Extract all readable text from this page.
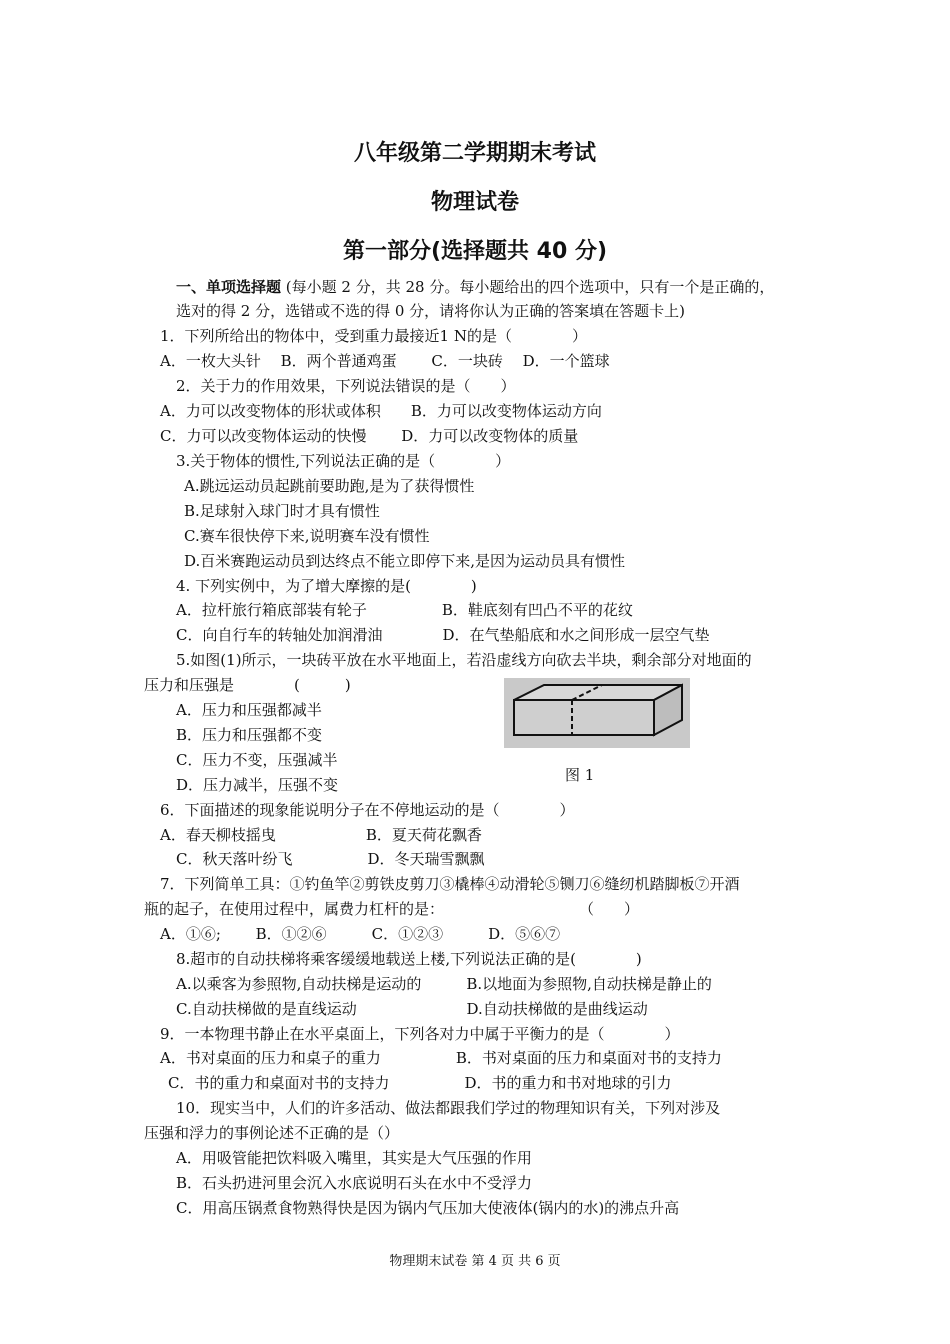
八年级第二学期期末考试
物理试卷
第一部分(选择题共 40 分)
一、单项选择题 (每小题 2 分，共 28 分。每小题给出的四个选项中，只有一个是正确的，
选对的得 2 分，选错或不选的得 0 分，请将你认为正确的答案填在答题卡上)
1．下列所给出的物体中，受到重力最接近1 N的是（　　　　）
A．一枚大头针　 B．两个普通鸡蛋　　 C．一块砖　 D．一个篮球
2．关于力的作用效果，下列说法错误的是（　　）
A．力可以改变物体的形状或体积　　B．力可以改变物体运动方向
C．力可以改变物体运动的快慢　　 D．力可以改变物体的质量
3.关于物体的惯性,下列说法正确的是（　　　　）
A.跳远运动员起跳前要助跑,是为了获得惯性
B.足球射入球门时才具有惯性
C.赛车很快停下来,说明赛车没有惯性
D.百米赛跑运动员到达终点不能立即停下来,是因为运动员具有惯性
4. 下列实例中，为了增大摩擦的是(　　　　)
A．拉杆旅行箱底部装有轮子　　　　　B．鞋底刻有凹凸不平的花纹
C．向自行车的转轴处加润滑油　　　　D．在气垫船底和水之间形成一层空气垫
5.如图(1)所示，一块砖平放在水平地面上，若沿虚线方向砍去半块，剩余部分对地面的
压力和压强是　　　　(　　　)
A．压力和压强都减半
B．压力和压强都不变
C．压力不变，压强减半
D．压力减半，压强不变
图 1
6．下面描述的现象能说明分子在不停地运动的是（　　　　）
A．春天柳枝摇曳　　　　　　B．夏天荷花飘香
C．秋天落叶纷飞　　　　　D．冬天瑞雪飘飘
7．下列简单工具：①钓鱼竿②剪铁皮剪刀③橇棒④动滑轮⑤铡刀⑥缝纫机踏脚板⑦开酒
瓶的起子，在使用过程中，属费力杠杆的是：　　　　　　　　　　（　　）
A．①⑥;　　 B．①②⑥　　　C．①②③　　　D．⑤⑥⑦
8.超市的自动扶梯将乘客缓缓地载送上楼,下列说法正确的是(　　　　)
A.以乘客为参照物,自动扶梯是运动的　　　B.以地面为参照物,自动扶梯是静止的
C.自动扶梯做的是直线运动　　　　　　　 D.自动扶梯做的是曲线运动
9．一本物理书静止在水平桌面上，下列各对力中属于平衡力的是（　　　　）
A．书对桌面的压力和桌子的重力　　　　　B．书对桌面的压力和桌面对书的支持力
C．书的重力和桌面对书的支持力　　　　　D．书的重力和书对地球的引力
10．现实当中，人们的许多活动、做法都跟我们学过的物理知识有关，下列对涉及
压强和浮力的事例论述不正确的是（）
A．用吸管能把饮料吸入嘴里，其实是大气压强的作用
B．石头扔进河里会沉入水底说明石头在水中不受浮力
C．用高压锅煮食物熟得快是因为锅内气压加大使液体(锅内的水)的沸点升高
物理期末试卷 第 4 页 共 6 页
